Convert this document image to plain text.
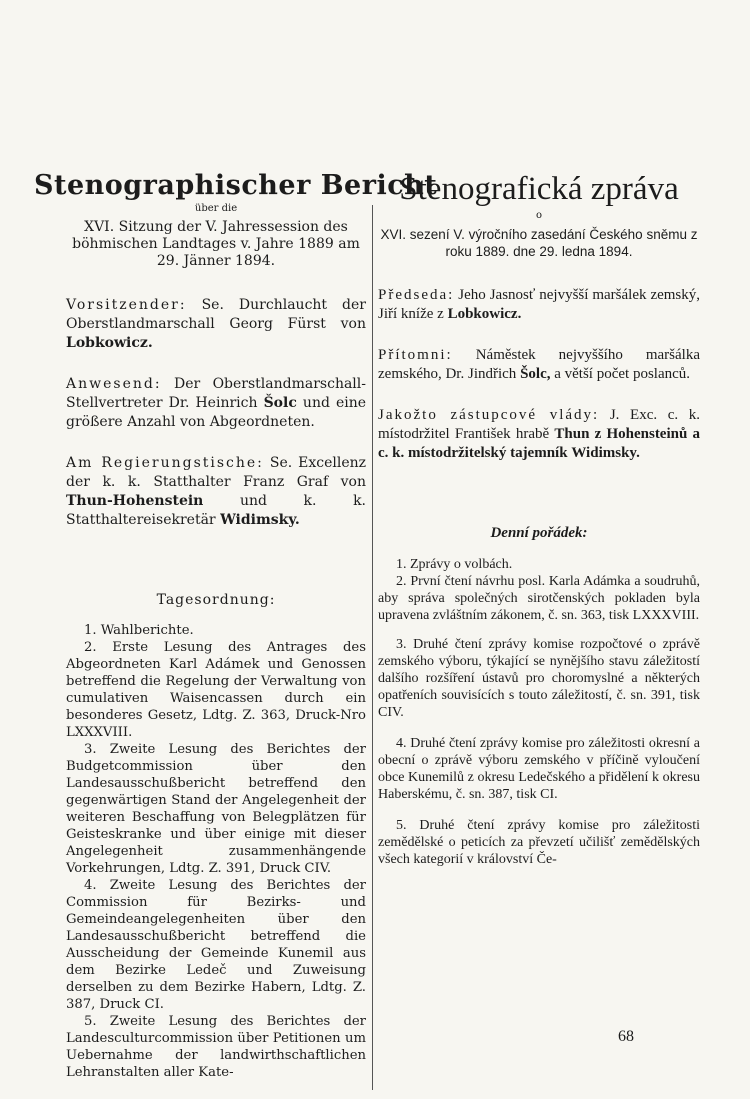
Stenographischer Bericht

über die

XVI. Sitzung der V. Jahressession des böhmischen Landtages v. Jahre 1889 am 29. Jänner 1894.

Vorsitzender: Se. Durchlaucht der Oberstlandmarschall Georg Fürst von Lobkowicz.

Anwesend: Der Oberstlandmarschall-Stellvertreter Dr. Heinrich Šolc und eine größere Anzahl von Abgeordneten.

Am Regierungstische: Se. Excellenz der k. k. Statthalter Franz Graf von Thun-Hohenstein	und k. k. Statthaltereisekretär Widimsky.

Tagesordnung:

1. Wahlberichte.

2. Erste Lesung des Antrages des Abgeordneten Karl Adámek und Genossen betreffend die Regelung der Verwaltung von cumulativen Waisencassen durch ein besonderes Gesetz, Ldtg. Z. 363, Druck-Nro LXXXVIII.

3. Zweite Lesung des Berichtes der Budgetcommission über den Landesausschußbericht betreffend den gegenwärtigen Stand der Angelegenheit der weiteren Beschaffung von Belegplätzen für Geisteskranke und über einige mit dieser Angelegenheit zusammenhängende Vorkehrungen, Ldtg. Z. 391, Druck CIV.

4. Zweite Lesung des Berichtes der Commission für Bezirks- und Gemeindeangelegenheiten über den Landesausschußbericht betreffend die Ausscheidung der Gemeinde Kunemil aus dem Bezirke Ledeč und Zuweisung derselben zu dem Bezirke Habern, Ldtg. Z. 387, Druck CI.

5. Zweite Lesung des Berichtes der Landesculturcommission über Petitionen um Uebernahme der landwirthschaftlichen Lehranstalten aller Kate-

Stenografická zpráva

o

XVI. sezení V. výročního zasedání Českého sněmu z roku 1889. dne 29. ledna 1894.

Předseda: Jeho Jasnosť nejvyšší maršálek zemský, Jiří kníže z Lobkowicz.

Přítomni: Náměstek nejvyššího maršálka zemského, Dr. Jindřich Šolc, a větší počet poslanců.

Jakožto zástupcové vlády: J. Exc. c. k. místodržitel František hrabě Thun z Hohensteinů a c. k. místodržitelský tajemník Widimsky.

Denní pořádek:

1. Zprávy o volbách.

2. První čtení návrhu posl. Karla Adámka a soudruhů, aby správa společných sirotčenských pokladen byla upravena zvláštním zákonem, č. sn. 363, tisk LXXXVIII.

3. Druhé čtení zprávy komise rozpočtové o zprávě zemského výboru, týkající se nynějšího stavu záležitostí dalšího rozšíření ústavů pro choromyslné a některých opatřeních souvisících s touto záležitostí, č. sn. 391, tisk CIV.

4. Druhé čtení zprávy komise pro záležitosti okresní a obecní o zprávě výboru zemského v příčině vyloučení obce Kunemilů z okresu Ledečského a přidělení k okresu Haberskému, č. sn. 387, tisk CI.

5. Druhé čtení zprávy komise pro záležitosti zemědělské o peticích za převzetí učilišť zemědělských všech kategorií v království Če-

68
